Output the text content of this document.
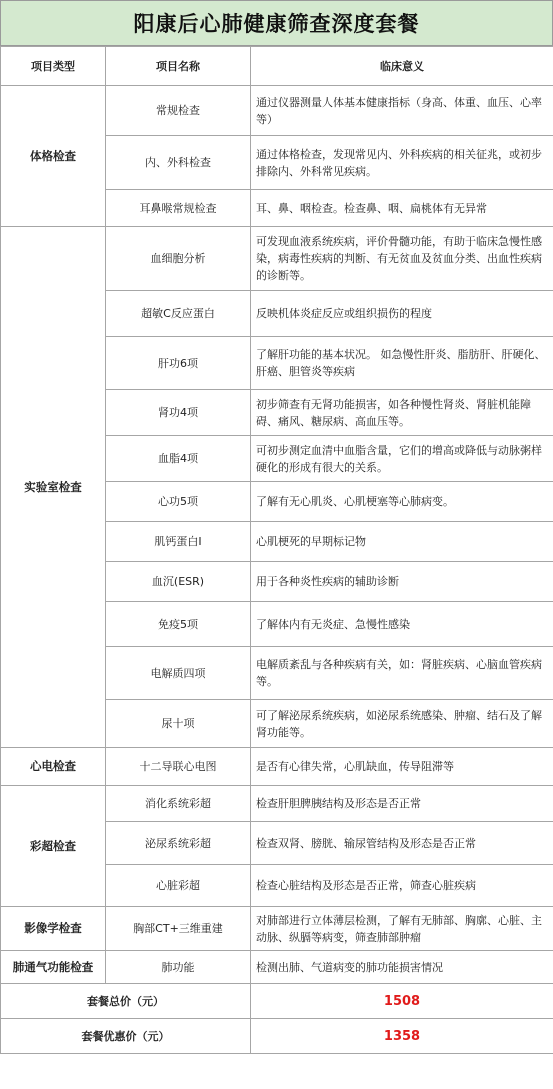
阳康后心肺健康筛查深度套餐
项目类型	项目名称	临床意义
体格检查	常规检查	通过仪器测量人体基本健康指标（身高、体重、血压、心率等）
	内、外科检查	通过体格检查，发现常见内、外科疾病的相关征兆，或初步排除内、外科常见疾病。
	耳鼻喉常规检查	耳、鼻、咽检查。检查鼻、咽、扁桃体有无异常
实验室检查	血细胞分析	可发现血液系统疾病，评价骨髓功能，有助于临床急慢性感染，病毒性疾病的判断、有无贫血及贫血分类、出血性疾病的诊断等。
	超敏C反应蛋白	反映机体炎症反应或组织损伤的程度
	肝功6项	了解肝功能的基本状况。 如急慢性肝炎、脂肪肝、肝硬化、肝癌、胆管炎等疾病
	肾功4项	初步筛查有无肾功能损害，如各种慢性肾炎、肾脏机能障碍、痛风、糖尿病、高血压等。
	血脂4项	可初步测定血清中血脂含量，它们的增高或降低与动脉粥样硬化的形成有很大的关系。
	心功5项	了解有无心肌炎、心肌梗塞等心肺病变。
	肌钙蛋白I	心肌梗死的早期标记物
	血沉(ESR)	用于各种炎性疾病的辅助诊断
	免疫5项	了解体内有无炎症、急慢性感染
	电解质四项	电解质紊乱与各种疾病有关，如：肾脏疾病、心脑血管疾病等。
	尿十项	可了解泌尿系统疾病，如泌尿系统感染、肿瘤、结石及了解肾功能等。
心电检查	十二导联心电图	是否有心律失常，心肌缺血，传导阻滞等
彩超检查	消化系统彩超	检查肝胆脾胰结构及形态是否正常
	泌尿系统彩超	检查双肾、膀胱、输尿管结构及形态是否正常
	心脏彩超	检查心脏结构及形态是否正常，筛查心脏疾病
影像学检查	胸部CT+三维重建	对肺部进行立体薄层检测，了解有无肺部、胸廓、心脏、主动脉、纵膈等病变，筛查肺部肿瘤
肺通气功能检查	肺功能	检测出肺、气道病变的肺功能损害情况
套餐总价（元）		1508
套餐优惠价（元）		1358
